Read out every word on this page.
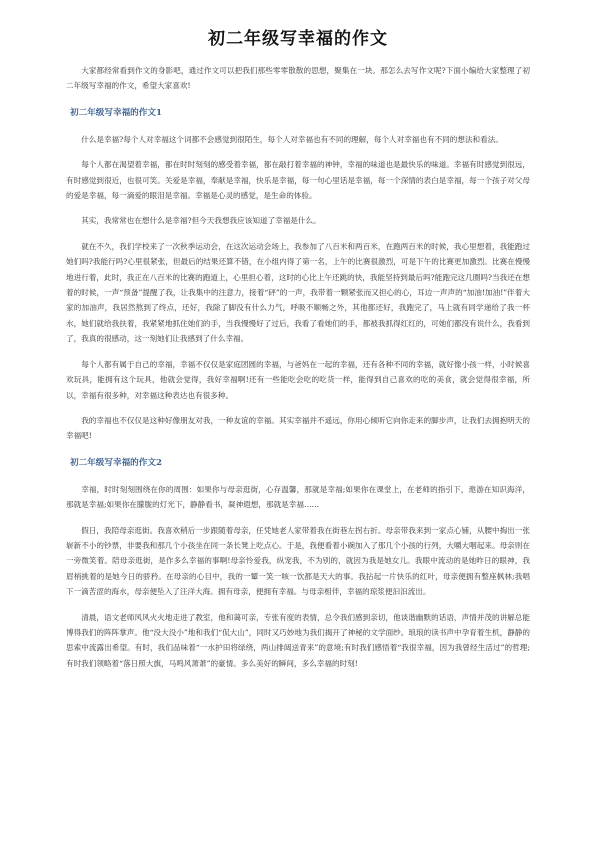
初二年级写幸福的作文

大家都经常看到作文的身影吧，通过作文可以把我们那些零零散散的思想，聚集在一块。那怎么去写作文呢?下面小编给大家整理了初二年级写幸福的作文，希望大家喜欢!

初二年级写幸福的作文1

什么是幸福?每个人对幸福这个词都不会感觉到很陌生，每个人对幸福也有不同的理解，每个人对幸福也有不同的想法和看法。

每个人都在渴望着幸福，都在时时刻刻的感受着幸福，都在敲打着幸福的神钟，幸福的味道也是最快乐的味道。幸福有时感觉到很远，有时感觉到很近，也很可笑。关爱是幸福，奉献是幸福，快乐是幸福，每一句心里话是幸福，每一个深情的表白是幸福，每一个孩子对父母的爱是幸福，每一滴爱的眼泪是幸福。幸福是心灵的感觉，是生命的体验。

其实，我常常也在想什么是幸福?但今天我想我应该知道了幸福是什么。

就在不久，我们学校来了一次秋季运动会，在这次运动会场上，我参加了八百米和两百米，在跑两百米的时候，我心里想着，我能跑过她们吗?我能行吗?心里很紧张，但最后的结果还算不错，在小组内得了第一名，上午的比赛很激烈，可是下午的比赛更加激烈。比赛在慢慢地进行着，此时，我正在八百米的比赛的跑道上，心里担心着，这时的心比上午还跳的快，我能坚持到最后吗?能跑完这几圈吗?当我还在想着的时候，一声“预备”提醒了我，让我集中的注意力，接着“砰”的一声，我带着一颗紧张而又担心的心，耳边一声声的“加油!加油!”伴着大家的加油声，我居然熬到了终点，还好，我除了脚没有什么力气，呼吸不顺畅之外，其他都还好，我跑完了，马上就有同学递给了我一杯水，她们就给我扶着，我紧紧地抓住她们的手，当我慢慢好了过后，我看了看她们的手，都被我抓得红红的，可她们都没有说什么，我看到了，我真的很感动，这一刻她们让我感到了什么幸福。

每个人都有属于自己的幸福，幸福不仅仅是家庭团圆的幸福，与爸妈在一起的幸福，还有各种不同的幸福，就好像小孩一样，小时候喜欢玩具，能拥有这个玩具，他就会觉得，我好幸福啊!还有一些能吃会吃的吃货一样，能得到自己喜欢的吃的美食，就会觉得很幸福，所以，幸福有很多种，对幸福这种表达也有很多种。

我的幸福也不仅仅是这种好像朋友对我，一种友谊的幸福。其实幸福并不遥远，你用心倾听它向你走来的脚步声，让我们去拥抱明天的幸福吧!

初二年级写幸福的作文2

幸福，时时刻刻围绕在你的周围：如果你与母亲逛街，心存温馨，那就是幸福;如果你在课堂上，在老师的指引下，遨游在知识海洋，那就是幸福;如果你在朦胧的灯光下，静静看书，凝神遐想，那就是幸福……

假日，我陪母亲逛街。我喜欢稍后一步跟随着母亲，任凭她老人家带着我在街巷左拐右折。母亲带我来到一家点心铺，从腰中掏出一张崭新不小的钞票，非要我和那几个小孩坐在同一条长凳上吃点心。于是，我便看着小碗加入了那几个小孩的行列，大嚼大咽起来。母亲则在一旁微笑着。陪母亲逛街，是作多么幸福的事啊!母亲怜爱我，纵宠我，不为别的，就因为我是她女儿。我眼中流动的是她昨日的眼神，我眉梢挑着的是她今日的骄矜。在母亲的心目中，我的一颦一笑一咳一饮都是天大的事。我拈起一片快乐的红叶，母亲便拥有整座枫林;我唱下一滴苦涩的海水，母亲便坠入了汪洋大海。拥有母亲，便拥有幸福。与母亲相伴，幸福的琼浆便汩汩流出。

清晨，语文老师风风火火地走进了教室，他和蔼可亲，专张有度的表情，总令我们感到亲切，他谈谐幽默的话语，声情并茂的讲解总能博得我们的阵阵掌声。他“没大没小”地和我们“侃大山”，同时又巧妙地为我们揭开了神秘的文学面纱。琅琅的读书声中孕育着生机，静静的思索中流露出希望。有时，我们品味着“一水护田将绿绕，两山排闼送青来”的意境;有时我们感悟着“我很幸福，因为我曾经生活过”的哲理;有时我们领略着“落日照大旗，马鸣风萧萧”的豪情。多么美好的瞬间，多么幸福的时刻!
